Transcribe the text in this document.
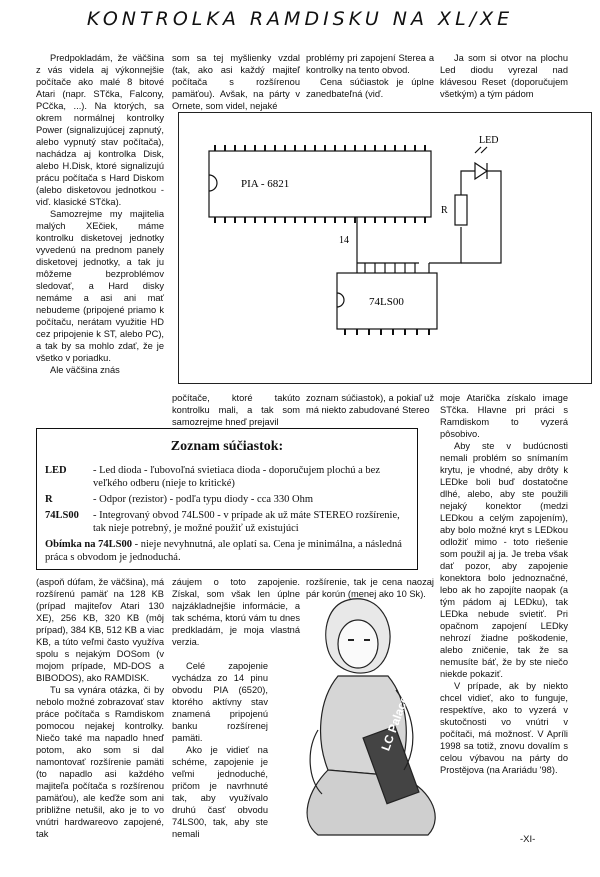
KONTROLKA RAMDISKU NA XL/XE

Predpokladám, že väčšina z vás videla aj výkonnejšie počítače ako malé 8 bitové Atari (napr. STčka, Falcony, PCčka, ...). Na ktorých, sa okrem normálnej kontrolky Power (signalizujúcej zapnutý, alebo vypnutý stav počítača), nachádza aj kontrolka Disk, alebo H.Disk, ktoré signalizujú prácu počítača s Hard Diskom (alebo disketovou jednotkou - viď. klasické STčka).

Samozrejme my majitelia malých XEčiek, máme kontrolku disketovej jednotky vyvedenú na prednom panely disketovej jednotky, a tak ju môžeme bezproblémov sledovať, a Hard disky nemáme a asi ani mať nebudeme (pripojené priamo k počítaču, nerátam využitie HD cez pripojenie k ST, alebo PC), a tak by sa mohlo zdať, že je všetko v poriadku.

Ale väčšina znás

som sa tej myšlienky vzdal (tak, ako asi každý majiteľ počítača s rozšírenou pamäťou). Avšak, na párty v Ornete, som videl, nejaké

problémy pri zapojení Sterea a kontrolky na tento obvod.

Cena súčiastok je úplne zanedbateľná (viď.

Ja som si otvor na plochu Led diodu vyrezal nad klávesou Reset (doporučujem všetkým) a tým pádom

PIA - 6821
74LS00
14
LED
R

počítače, ktoré takúto kontrolku mali, a tak som samozrejme hneď prejavil

zoznam súčiastok), a pokiaľ už má niekto zabudované Stereo

moje Atarička získalo image STčka. Hlavne pri práci s Ramdiskom to vyzerá pôsobivo.

Aby ste v budúcnosti nemali problém so snímaním krytu, je vhodné, aby drôty k LEDke boli buď dostatočne dlhé, alebo, aby ste použili nejaký konektor (medzi LEDkou a celým zapojením), aby bolo možné kryt s LEDkou odložiť mimo - toto riešenie som použil aj ja. Je treba však dať pozor, aby zapojenie konektora bolo jednoznačné, lebo ak ho zapojíte naopak (a tým pádom aj LEDku), tak LEDka nebude svietiť. Pri opačnom zapojení LEDky nehrozí žiadne poškodenie, alebo zničenie, tak že sa nemusíte báť, že by ste niečo niekde pokaziť.

V prípade, ak by niekto chcel vidieť, ako to funguje, respektíve, ako to vyzerá v skutočnosti vo vnútri v počítači, má možnosť. V Apríli 1998 sa totiž, znovu dovalím s celou výbavou na párty do Prostějova (na Arariádu '98).

Zoznam súčiastok:
LED	- Led dioda - ľubovoľná svietiaca dioda - doporučujem plochú a bez veľkého odberu (nieje to kritické)
R	- Odpor (rezistor) - podľa typu diody - cca 330 Ohm
74LS00	- Integrovaný obvod 74LS00 - v prípade ak už máte STEREO rozšírenie, tak nieje potrebný, je možné použiť už existujúci
Obímka na 74LS00 - nieje nevyhnutná, ale oplatí sa. Cena je minimálna, a následná práca s obvodom je jednoduchá.

(aspoň dúfam, že väčšina), má rozšírenú pamäť na 128 KB (prípad majiteľov Atari 130 XE), 256 KB, 320 KB (môj prípad), 384 KB, 512 KB a viac KB, a túto veľmi často využíva spolu s nejakým DOSom (v mojom prípade, MD-DOS a BIBODOS), ako RAMDISK.

Tu sa vynára otázka, či by nebolo možné zobrazovať stav práce počítača s Ramdiskom pomocou nejakej kontrolky. Niečo také ma napadlo hneď potom, ako som si dal namontovať rozšírenie pamäti (to napadlo asi každého majiteľa počítača s rozšírenou pamäťou), ale keďže som ani približne netušil, ako je to vo vnútri hardwareovo zapojené, tak

záujem o toto zapojenie. Získal, som však len úplne najzákladnejšie informácie, a tak schéma, ktorú vám tu dnes predkladám, je moja vlastná verzia.

Celé zapojenie vychádza zo 14 pinu obvodu PIA (6520), ktorého aktívny stav znamená pripojenú banku rozšírenej pamäti.

Ako je vidieť na schéme, zapojenie je veľmi jednoduché, pričom je navrhnuté tak, aby využívalo druhú časť obvodu 74LS00, tak, aby ste nemali

rozšírenie, tak je cena naozaj pár korún (menej ako 10 Sk).

LC Palace
-XI-
